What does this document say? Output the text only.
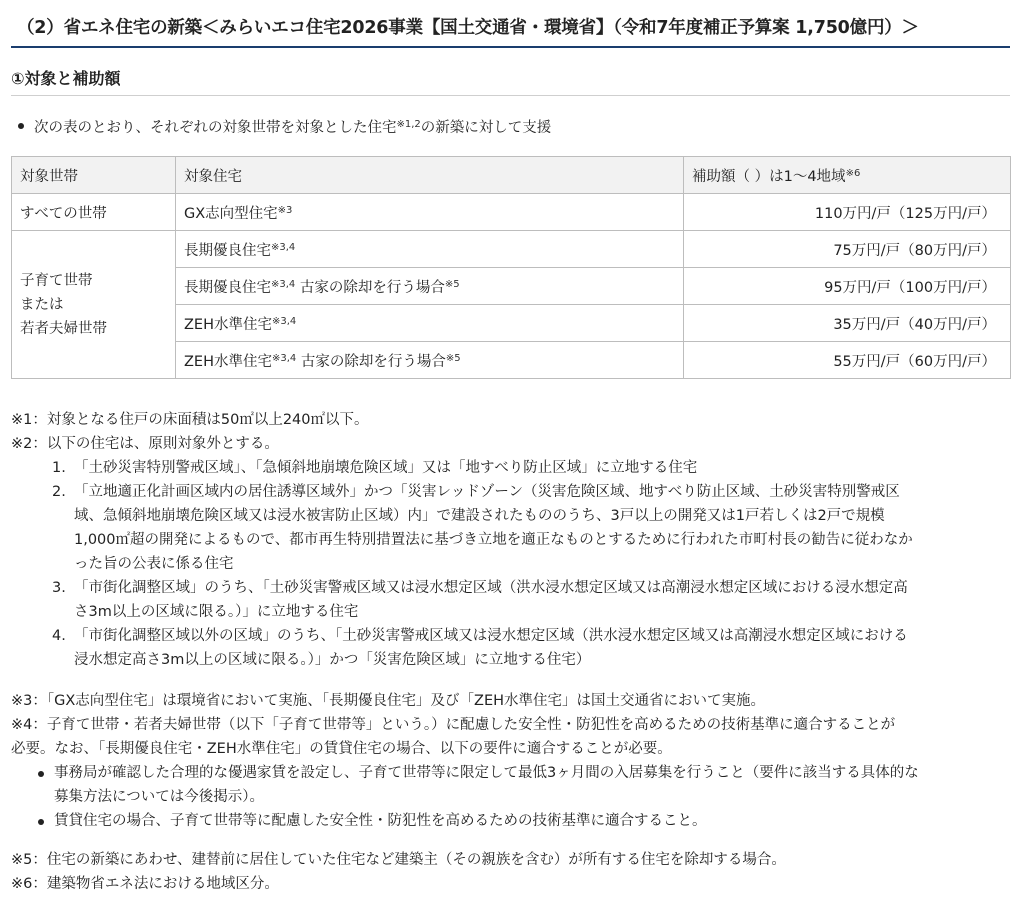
（2）省エネ住宅の新築＜みらいエコ住宅2026事業【国土交通省・環境省】（令和7年度補正予算案 1,750億円）＞
①対象と補助額
次の表のとおり、それぞれの対象世帯を対象とした住宅$^{※1,2}$の新築に対して支援
対象世帯	対象住宅	補助額（ ）は1～4地域$^{※6}$
すべての世帯	GX志向型住宅$^{※3}$	110万円/戸（125万円/戸）
子育て世帯
または
若者夫婦世帯	長期優良住宅$^{※3,4}$	75万円/戸（80万円/戸）
	長期優良住宅$^{※3,4}$ 古家の除却を行う場合$^{※5}$	95万円/戸（100万円/戸）
	ZEH水準住宅$^{※3,4}$	35万円/戸（40万円/戸）
	ZEH水準住宅$^{※3,4}$ 古家の除却を行う場合$^{※5}$	55万円/戸（60万円/戸）
※1：対象となる住戸の床面積は50㎡以上240㎡以下。
※2：以下の住宅は、原則対象外とする。
1. 「土砂災害特別警戒区域」、「急傾斜地崩壊危険区域」又は「地すべり防止区域」に立地する住宅
2. 「立地適正化計画区域内の居住誘導区域外」かつ「災害レッドゾーン（災害危険区域、地すべり防止区域、土砂災害特別警戒区
域、急傾斜地崩壊危険区域又は浸水被害防止区域）内」で建設されたもののうち、3戸以上の開発又は1戸若しくは2戸で規模
1,000㎡超の開発によるもので、都市再生特別措置法に基づき立地を適正なものとするために行われた市町村長の勧告に従わなか
った旨の公表に係る住宅
3. 「市街化調整区域」のうち、「土砂災害警戒区域又は浸水想定区域（洪水浸水想定区域又は高潮浸水想定区域における浸水想定高
さ3m以上の区域に限る。）」に立地する住宅
4. 「市街化調整区域以外の区域」のうち、「土砂災害警戒区域又は浸水想定区域（洪水浸水想定区域又は高潮浸水想定区域における
浸水想定高さ3m以上の区域に限る。）」かつ「災害危険区域」に立地する住宅）
※3：「GX志向型住宅」は環境省において実施、「長期優良住宅」及び「ZEH水準住宅」は国土交通省において実施。
※4：子育て世帯・若者夫婦世帯（以下「子育て世帯等」という。）に配慮した安全性・防犯性を高めるための技術基準に適合することが
必要。なお、「長期優良住宅・ZEH水準住宅」の賃貸住宅の場合、以下の要件に適合することが必要。
事務局が確認した合理的な優遇家賃を設定し、子育て世帯等に限定して最低3ヶ月間の入居募集を行うこと（要件に該当する具体的な
募集方法については今後掲示）。
賃貸住宅の場合、子育て世帯等に配慮した安全性・防犯性を高めるための技術基準に適合すること。
※5：住宅の新築にあわせ、建替前に居住していた住宅など建築主（その親族を含む）が所有する住宅を除却する場合。
※6：建築物省エネ法における地域区分。
